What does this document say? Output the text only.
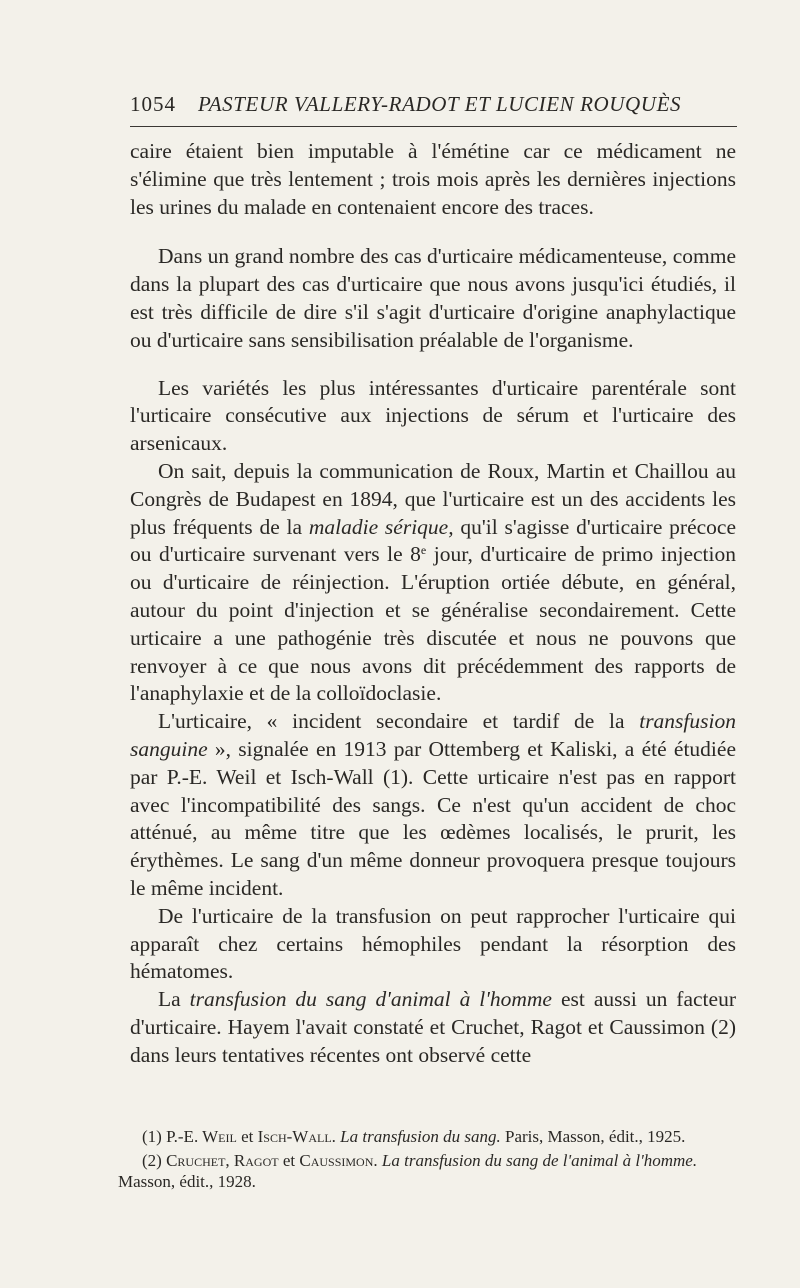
1054 PASTEUR VALLERY-RADOT ET LUCIEN ROUQUÈS

caire étaient bien imputable à l'émétine car ce médicament ne s'élimine que très lentement ; trois mois après les dernières injections les urines du malade en contenaient encore des traces.

Dans un grand nombre des cas d'urticaire médicamenteuse, comme dans la plupart des cas d'urticaire que nous avons jusqu'ici étudiés, il est très difficile de dire s'il s'agit d'urticaire d'origine anaphylactique ou d'urticaire sans sensibilisation préalable de l'organisme.

Les variétés les plus intéressantes d'urticaire parentérale sont l'urticaire consécutive aux injections de sérum et l'urticaire des arsenicaux.

On sait, depuis la communication de Roux, Martin et Chaillou au Congrès de Budapest en 1894, que l'urticaire est un des accidents les plus fréquents de la maladie sérique, qu'il s'agisse d'urticaire précoce ou d'urticaire survenant vers le 8e jour, d'urticaire de primo injection ou d'urticaire de réinjection. L'éruption ortiée débute, en général, autour du point d'injection et se généralise secondairement. Cette urticaire a une pathogénie très discutée et nous ne pouvons que renvoyer à ce que nous avons dit précédemment des rapports de l'anaphylaxie et de la colloïdoclasie.

L'urticaire, « incident secondaire et tardif de la transfusion sanguine », signalée en 1913 par Ottemberg et Kaliski, a été étudiée par P.-E. Weil et Isch-Wall (1). Cette urticaire n'est pas en rapport avec l'incompatibilité des sangs. Ce n'est qu'un accident de choc atténué, au même titre que les œdèmes localisés, le prurit, les érythèmes. Le sang d'un même donneur provoquera presque toujours le même incident.

De l'urticaire de la transfusion on peut rapprocher l'urticaire qui apparaît chez certains hémophiles pendant la résorption des hématomes.

La transfusion du sang d'animal à l'homme est aussi un facteur d'urticaire. Hayem l'avait constaté et Cruchet, Ragot et Caussimon (2) dans leurs tentatives récentes ont observé cette

(1) P.-E. Weil et Isch-Wall. La transfusion du sang. Paris, Masson, édit., 1925.

(2) Cruchet, Ragot et Caussimon. La transfusion du sang de l'animal à l'homme. Masson, édit., 1928.
